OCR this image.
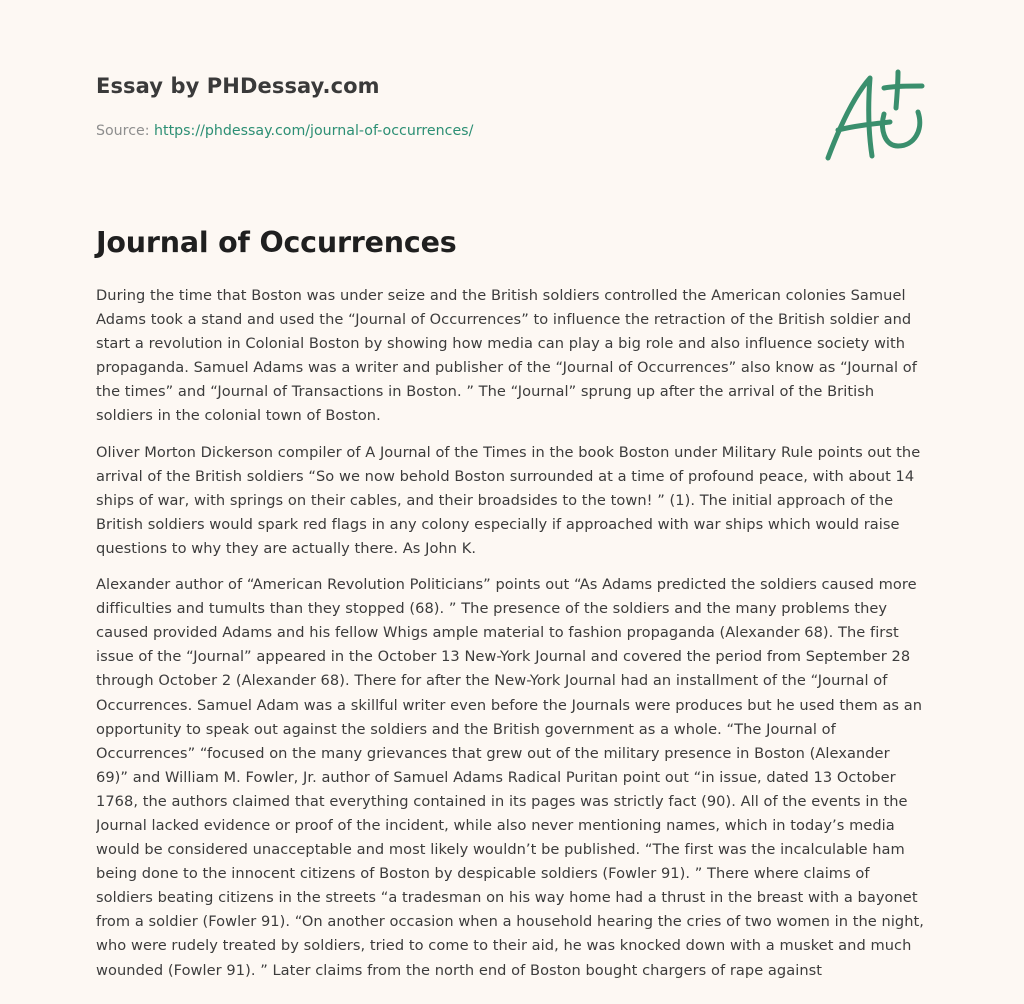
Essay by PHDessay.com
Source: https://phdessay.com/journal-of-occurrences/
Journal of Occurrences

During the time that Boston was under seize and the British soldiers controlled the American colonies Samuel Adams took a stand and used the “Journal of Occurrences” to influence the retraction of the British soldier and start a revolution in Colonial Boston by showing how media can play a big role and also influence society with propaganda. Samuel Adams was a writer and publisher of the “Journal of Occurrences” also know as “Journal of the times” and “Journal of Transactions in Boston. ” The “Journal” sprung up after the arrival of the British soldiers in the colonial town of Boston.

Oliver Morton Dickerson compiler of A Journal of the Times in the book Boston under Military Rule points out the arrival of the British soldiers “So we now behold Boston surrounded at a time of profound peace, with about 14 ships of war, with springs on their cables, and their broadsides to the town! ” (1). The initial approach of the British soldiers would spark red flags in any colony especially if approached with war ships which would raise questions to why they are actually there. As John K.

Alexander author of “American Revolution Politicians” points out “As Adams predicted the soldiers caused more difficulties and tumults than they stopped (68). ” The presence of the soldiers and the many problems they caused provided Adams and his fellow Whigs ample material to fashion propaganda (Alexander 68). The first issue of the “Journal” appeared in the October 13 New-York Journal and covered the period from September 28 through October 2 (Alexander 68). There for after the New-York Journal had an installment of the “Journal of Occurrences. Samuel Adam was a skillful writer even before the Journals were produces but he used them as an opportunity to speak out against the soldiers and the British government as a whole. “The Journal of Occurrences” “focused on the many grievances that grew out of the military presence in Boston (Alexander 69)” and William M. Fowler, Jr. author of Samuel Adams Radical Puritan point out “in issue, dated 13 October 1768, the authors claimed that everything contained in its pages was strictly fact (90). All of the events in the Journal lacked evidence or proof of the incident, while also never mentioning names, which in today’s media would be considered unacceptable and most likely wouldn’t be published. “The first was the incalculable ham being done to the innocent citizens of Boston by despicable soldiers (Fowler 91). ” There where claims of soldiers beating citizens in the streets “a tradesman on his way home had a thrust in the breast with a bayonet from a soldier (Fowler 91). “On another occasion when a household hearing the cries of two women in the night, who were rudely treated by soldiers, tried to come to their aid, he was knocked down with a musket and much wounded (Fowler 91). ” Later claims from the north end of Boston bought chargers of rape against
